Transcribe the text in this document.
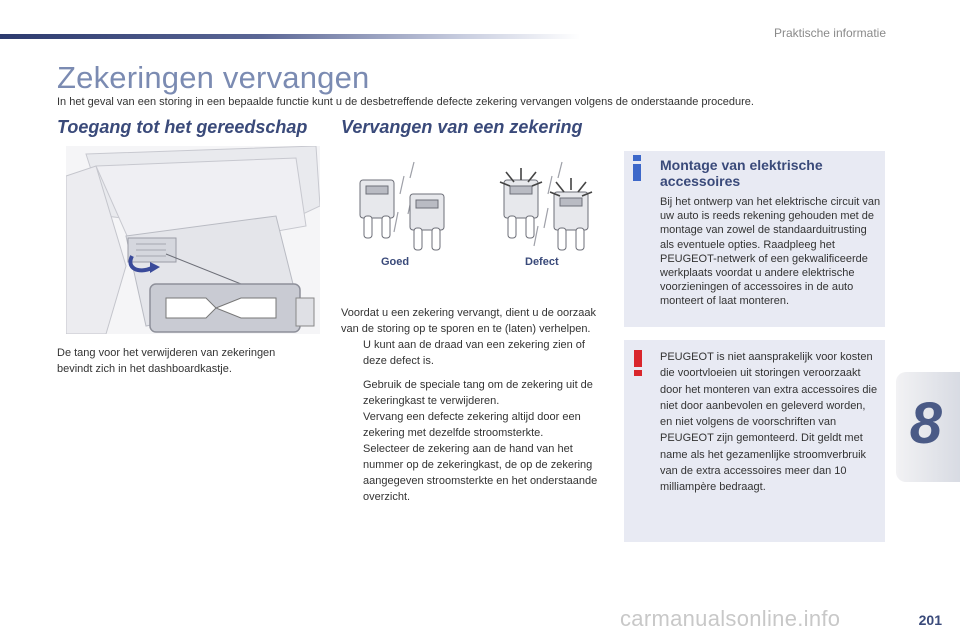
Praktische informatie
Zekeringen vervangen

In het geval van een storing in een bepaalde functie kunt u de desbetreffende defecte zekering vervangen volgens de onderstaande procedure.

Toegang tot het gereedschap Vervangen van een zekering

De tang voor het verwijderen van zekeringen bevindt zich in het dashboardkastje.

Goed	Defect

Voordat u een zekering vervangt, dient u de oorzaak van de storing op te sporen en te (laten) verhelpen.

U kunt aan de draad van een zekering zien of deze defect is.
Gebruik de speciale tang om de zekering uit de zekeringkast te verwijderen.
Vervang een defecte zekering altijd door een zekering met dezelfde stroomsterkte.
Selecteer de zekering aan de hand van het nummer op de zekeringkast, de op de zekering aangegeven stroomsterkte en het onderstaande overzicht.
Montage van elektrische accessoires

Bij het ontwerp van het elektrische circuit van uw auto is reeds rekening gehouden met de montage van zowel de standaarduitrusting als eventuele opties. Raadpleeg het PEUGEOT-netwerk of een gekwalificeerde werkplaats voordat u andere elektrische voorzieningen of accessoires in de auto monteert of laat monteren.

PEUGEOT is niet aansprakelijk voor kosten die voortvloeien uit storingen veroorzaakt door het monteren van extra accessoires die niet door aanbevolen en geleverd worden, en niet volgens de voorschriften van PEUGEOT zijn gemonteerd. Dit geldt met name als het gezamenlijke stroomverbruik van de extra accessoires meer dan 10 milliampère bedraagt.

8
201
carmanualsonline.info
